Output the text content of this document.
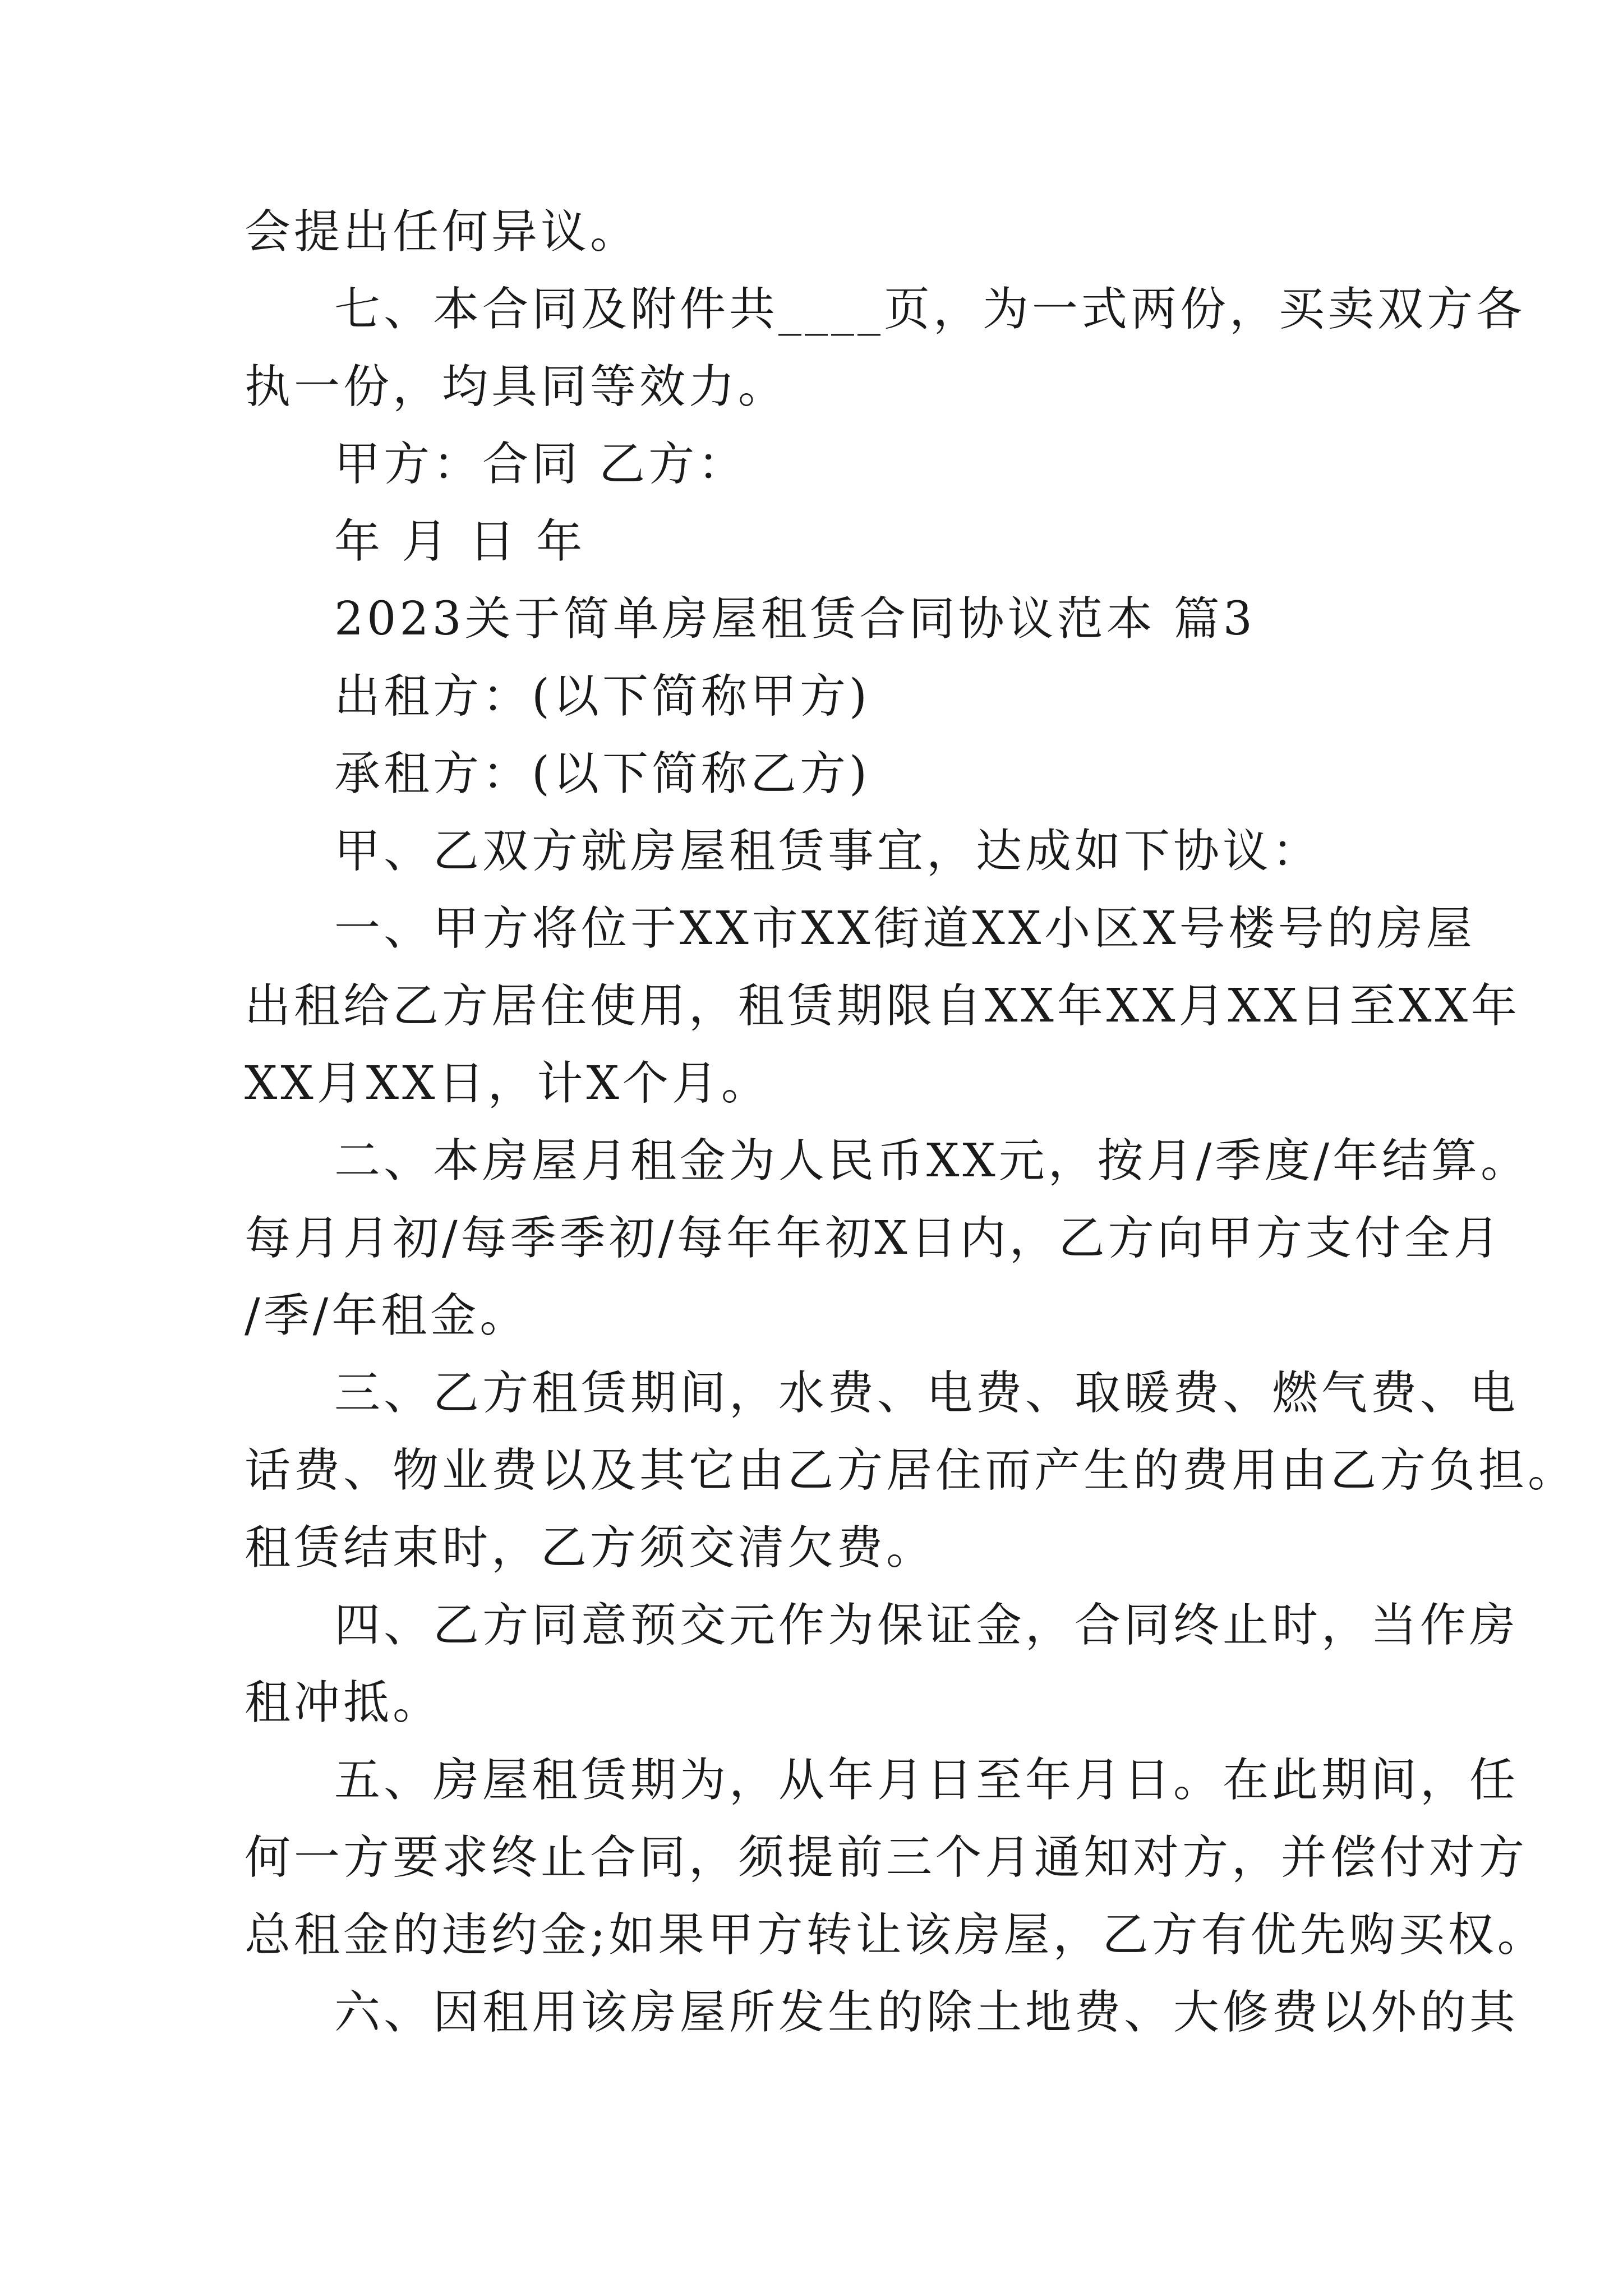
会提出任何异议。
七、本合同及附件共____页，为一式两份，买卖双方各
执一份，均具同等效力。
甲方：合同 乙方：
年 月 日 年
2023关于简单房屋租赁合同协议范本 篇3
出租方：(以下简称甲方)
承租方：(以下简称乙方)
甲、乙双方就房屋租赁事宜，达成如下协议：
一、甲方将位于XX市XX街道XX小区X号楼号的房屋
出租给乙方居住使用，租赁期限自XX年XX月XX日至XX年
XX月XX日，计X个月。
二、本房屋月租金为人民币XX元，按月/季度/年结算。
每月月初/每季季初/每年年初X日内，乙方向甲方支付全月
/季/年租金。
三、乙方租赁期间，水费、电费、取暖费、燃气费、电
话费、物业费以及其它由乙方居住而产生的费用由乙方负担。
租赁结束时，乙方须交清欠费。
四、乙方同意预交元作为保证金，合同终止时，当作房
租冲抵。
五、房屋租赁期为，从年月日至年月日。在此期间，任
何一方要求终止合同，须提前三个月通知对方，并偿付对方
总租金的违约金;如果甲方转让该房屋，乙方有优先购买权。
六、因租用该房屋所发生的除土地费、大修费以外的其
